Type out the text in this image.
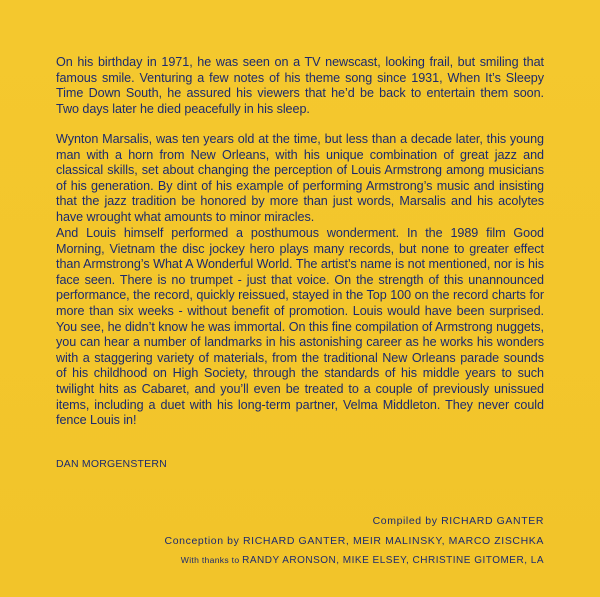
On his birthday in 1971, he was seen on a TV newscast, looking frail, but smiling that famous smile. Venturing a few notes of his theme song since 1931, When It’s Sleepy Time Down South, he assured his viewers that he’d be back to entertain them soon. Two days later he died peacefully in his sleep.

Wynton Marsalis, was ten years old at the time, but less than a decade later, this young man with a horn from New Orleans, with his unique combination of great jazz and classical skills, set about changing the perception of Louis Armstrong among musicians of his generation. By dint of his example of performing Armstrong’s music and insisting that the jazz tradition be honored by more than just words, Marsalis and his acolytes have wrought what amounts to minor miracles.

And Louis himself performed a posthumous wonderment. In the 1989 film Good Morning, Vietnam the disc jockey hero plays many records, but none to greater effect than Armstrong’s What A Wonderful World. The artist’s name is not mentioned, nor is his face seen. There is no trumpet - just that voice. On the strength of this unannounced performance, the record, quickly reissued, stayed in the Top 100 on the record charts for more than six weeks - without benefit of promotion. Louis would have been surprised. You see, he didn’t know he was immortal. On this fine compilation of Armstrong nuggets, you can hear a number of landmarks in his astonishing career as he works his wonders with a staggering variety of materials, from the traditional New Orleans parade sounds of his childhood on High Society, through the standards of his middle years to such twilight hits as Cabaret, and you’ll even be treated to a couple of previously unissued items, including a duet with his long-term partner, Velma Middleton. They never could fence Louis in!

DAN MORGENSTERN

Compiled by RICHARD GANTER

Conception by RICHARD GANTER, MEIR MALINSKY, MARCO ZISCHKA

With thanks to RANDY ARONSON, MIKE ELSEY, CHRISTINE GITOMER, LA
